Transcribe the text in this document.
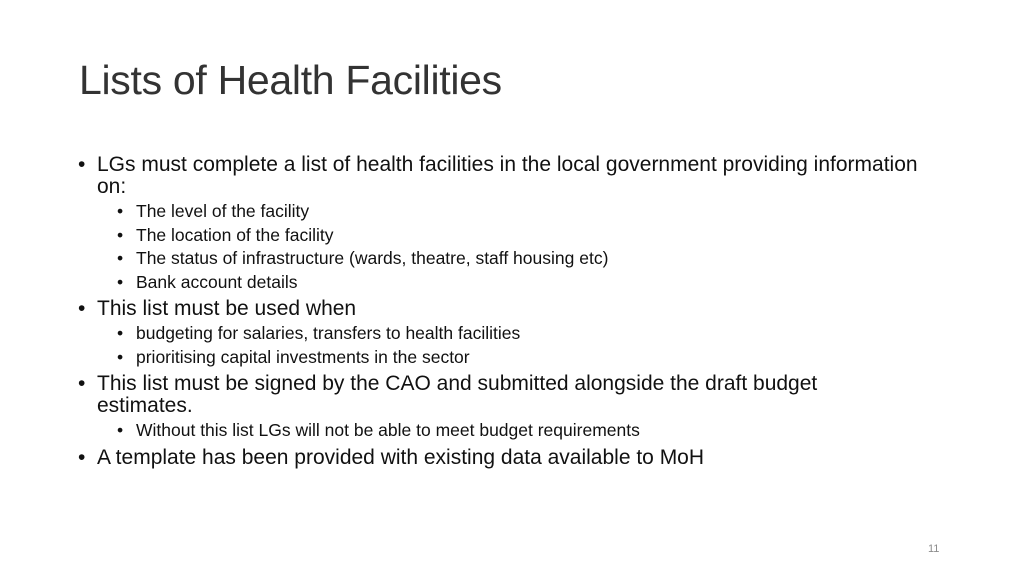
Lists of Health Facilities
• LGs must complete a list of health facilities in the local government providing information on:
• The level of the facility
• The location of the facility
• The status of infrastructure (wards, theatre, staff housing etc)
• Bank account details
• This list must be used when
• budgeting for salaries, transfers to health facilities
• prioritising capital investments in the sector
• This list must be signed by the CAO and submitted alongside the draft budget estimates.
• Without this list LGs will not be able to meet budget requirements
• A template has been provided with existing data available to MoH
11
